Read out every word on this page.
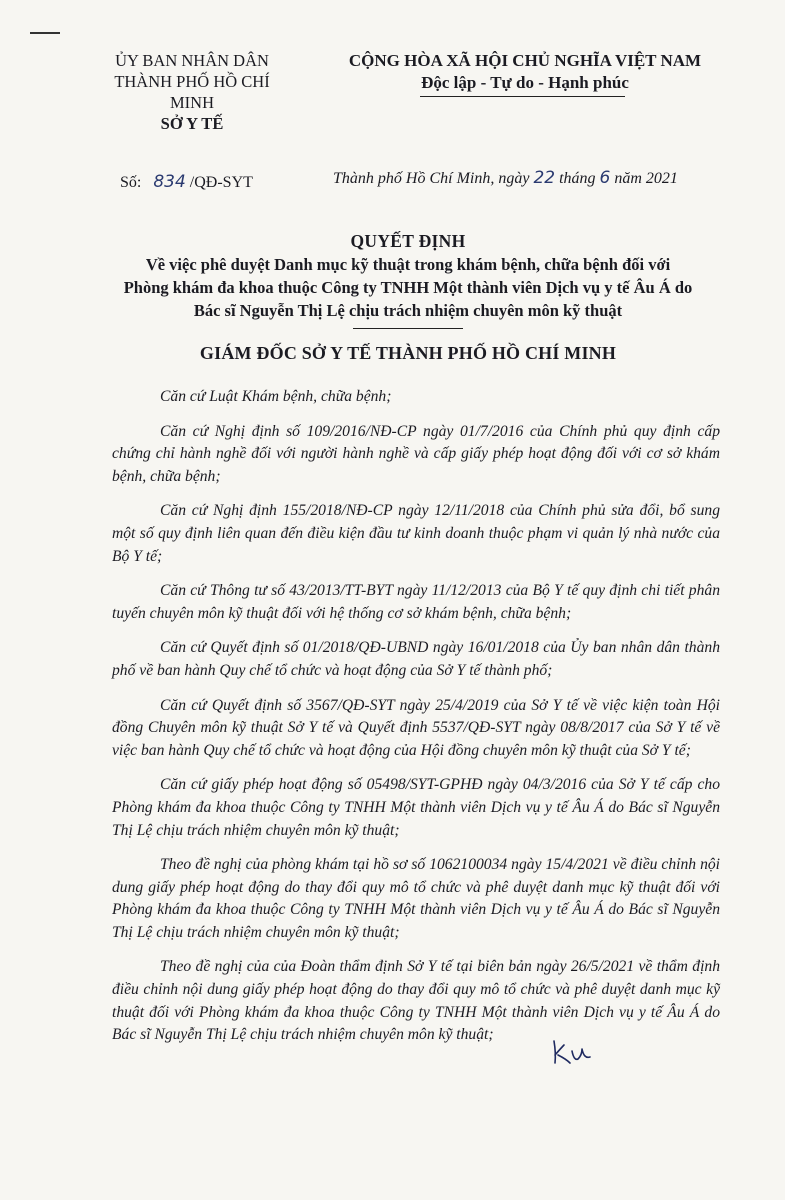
ỦY BAN NHÂN DÂN
THÀNH PHỐ HỒ CHÍ MINH
SỞ Y TẾ
CỘNG HÒA XÃ HỘI CHỦ NGHĨA VIỆT NAM
Độc lập - Tự do - Hạnh phúc
Số: 834 /QĐ-SYT	Thành phố Hồ Chí Minh, ngày 22 tháng 6 năm 2021
QUYẾT ĐỊNH
Về việc phê duyệt Danh mục kỹ thuật trong khám bệnh, chữa bệnh đối với
Phòng khám đa khoa thuộc Công ty TNHH Một thành viên Dịch vụ y tế Âu Á do
Bác sĩ Nguyễn Thị Lệ chịu trách nhiệm chuyên môn kỹ thuật
GIÁM ĐỐC SỞ Y TẾ THÀNH PHỐ HỒ CHÍ MINH

Căn cứ Luật Khám bệnh, chữa bệnh;

Căn cứ Nghị định số 109/2016/NĐ-CP ngày 01/7/2016 của Chính phủ quy định cấp chứng chỉ hành nghề đối với người hành nghề và cấp giấy phép hoạt động đối với cơ sở khám bệnh, chữa bệnh;

Căn cứ Nghị định 155/2018/NĐ-CP ngày 12/11/2018 của Chính phủ sửa đổi, bổ sung một số quy định liên quan đến điều kiện đầu tư kinh doanh thuộc phạm vi quản lý nhà nước của Bộ Y tế;

Căn cứ Thông tư số 43/2013/TT-BYT ngày 11/12/2013 của Bộ Y tế quy định chi tiết phân tuyến chuyên môn kỹ thuật đối với hệ thống cơ sở khám bệnh, chữa bệnh;

Căn cứ Quyết định số 01/2018/QĐ-UBND ngày 16/01/2018 của Ủy ban nhân dân thành phố về ban hành Quy chế tổ chức và hoạt động của Sở Y tế thành phố;

Căn cứ Quyết định số 3567/QĐ-SYT ngày 25/4/2019 của Sở Y tế về việc kiện toàn Hội đồng Chuyên môn kỹ thuật Sở Y tế và Quyết định 5537/QĐ-SYT ngày 08/8/2017 của Sở Y tế về việc ban hành Quy chế tổ chức và hoạt động của Hội đồng chuyên môn kỹ thuật của Sở Y tế;

Căn cứ giấy phép hoạt động số 05498/SYT-GPHĐ ngày 04/3/2016 của Sở Y tế cấp cho Phòng khám đa khoa thuộc Công ty TNHH Một thành viên Dịch vụ y tế Âu Á do Bác sĩ Nguyễn Thị Lệ chịu trách nhiệm chuyên môn kỹ thuật;

Theo đề nghị của phòng khám tại hồ sơ số 1062100034 ngày 15/4/2021 về điều chỉnh nội dung giấy phép hoạt động do thay đổi quy mô tổ chức và phê duyệt danh mục kỹ thuật đối với Phòng khám đa khoa thuộc Công ty TNHH Một thành viên Dịch vụ y tế Âu Á do Bác sĩ Nguyễn Thị Lệ chịu trách nhiệm chuyên môn kỹ thuật;

Theo đề nghị của của Đoàn thẩm định Sở Y tế tại biên bản ngày 26/5/2021 về thẩm định điều chỉnh nội dung giấy phép hoạt động do thay đổi quy mô tổ chức và phê duyệt danh mục kỹ thuật đối với Phòng khám đa khoa thuộc Công ty TNHH Một thành viên Dịch vụ y tế Âu Á do Bác sĩ Nguyễn Thị Lệ chịu trách nhiệm chuyên môn kỹ thuật;
